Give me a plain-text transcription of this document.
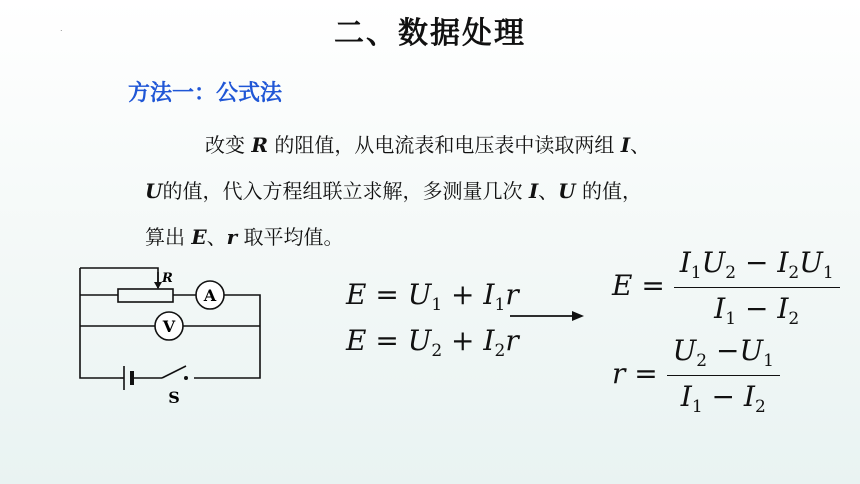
.	二、数据处理
方法一：公式法
改变 R 的阻值，从电流表和电压表中读取两组 I、
U的值，代入方程组联立求解，多测量几次 I、U 的值，
算出 E、r 取平均值。
A
V
R
S
$E = U_1 + I_1r$
$E = U_2 + I_2r$
$E = \frac{I_1U_2 - I_2U_1}{I_1 - I_2}$
$r = \frac{U_2 -U_1}{I_1 - I_2}$
